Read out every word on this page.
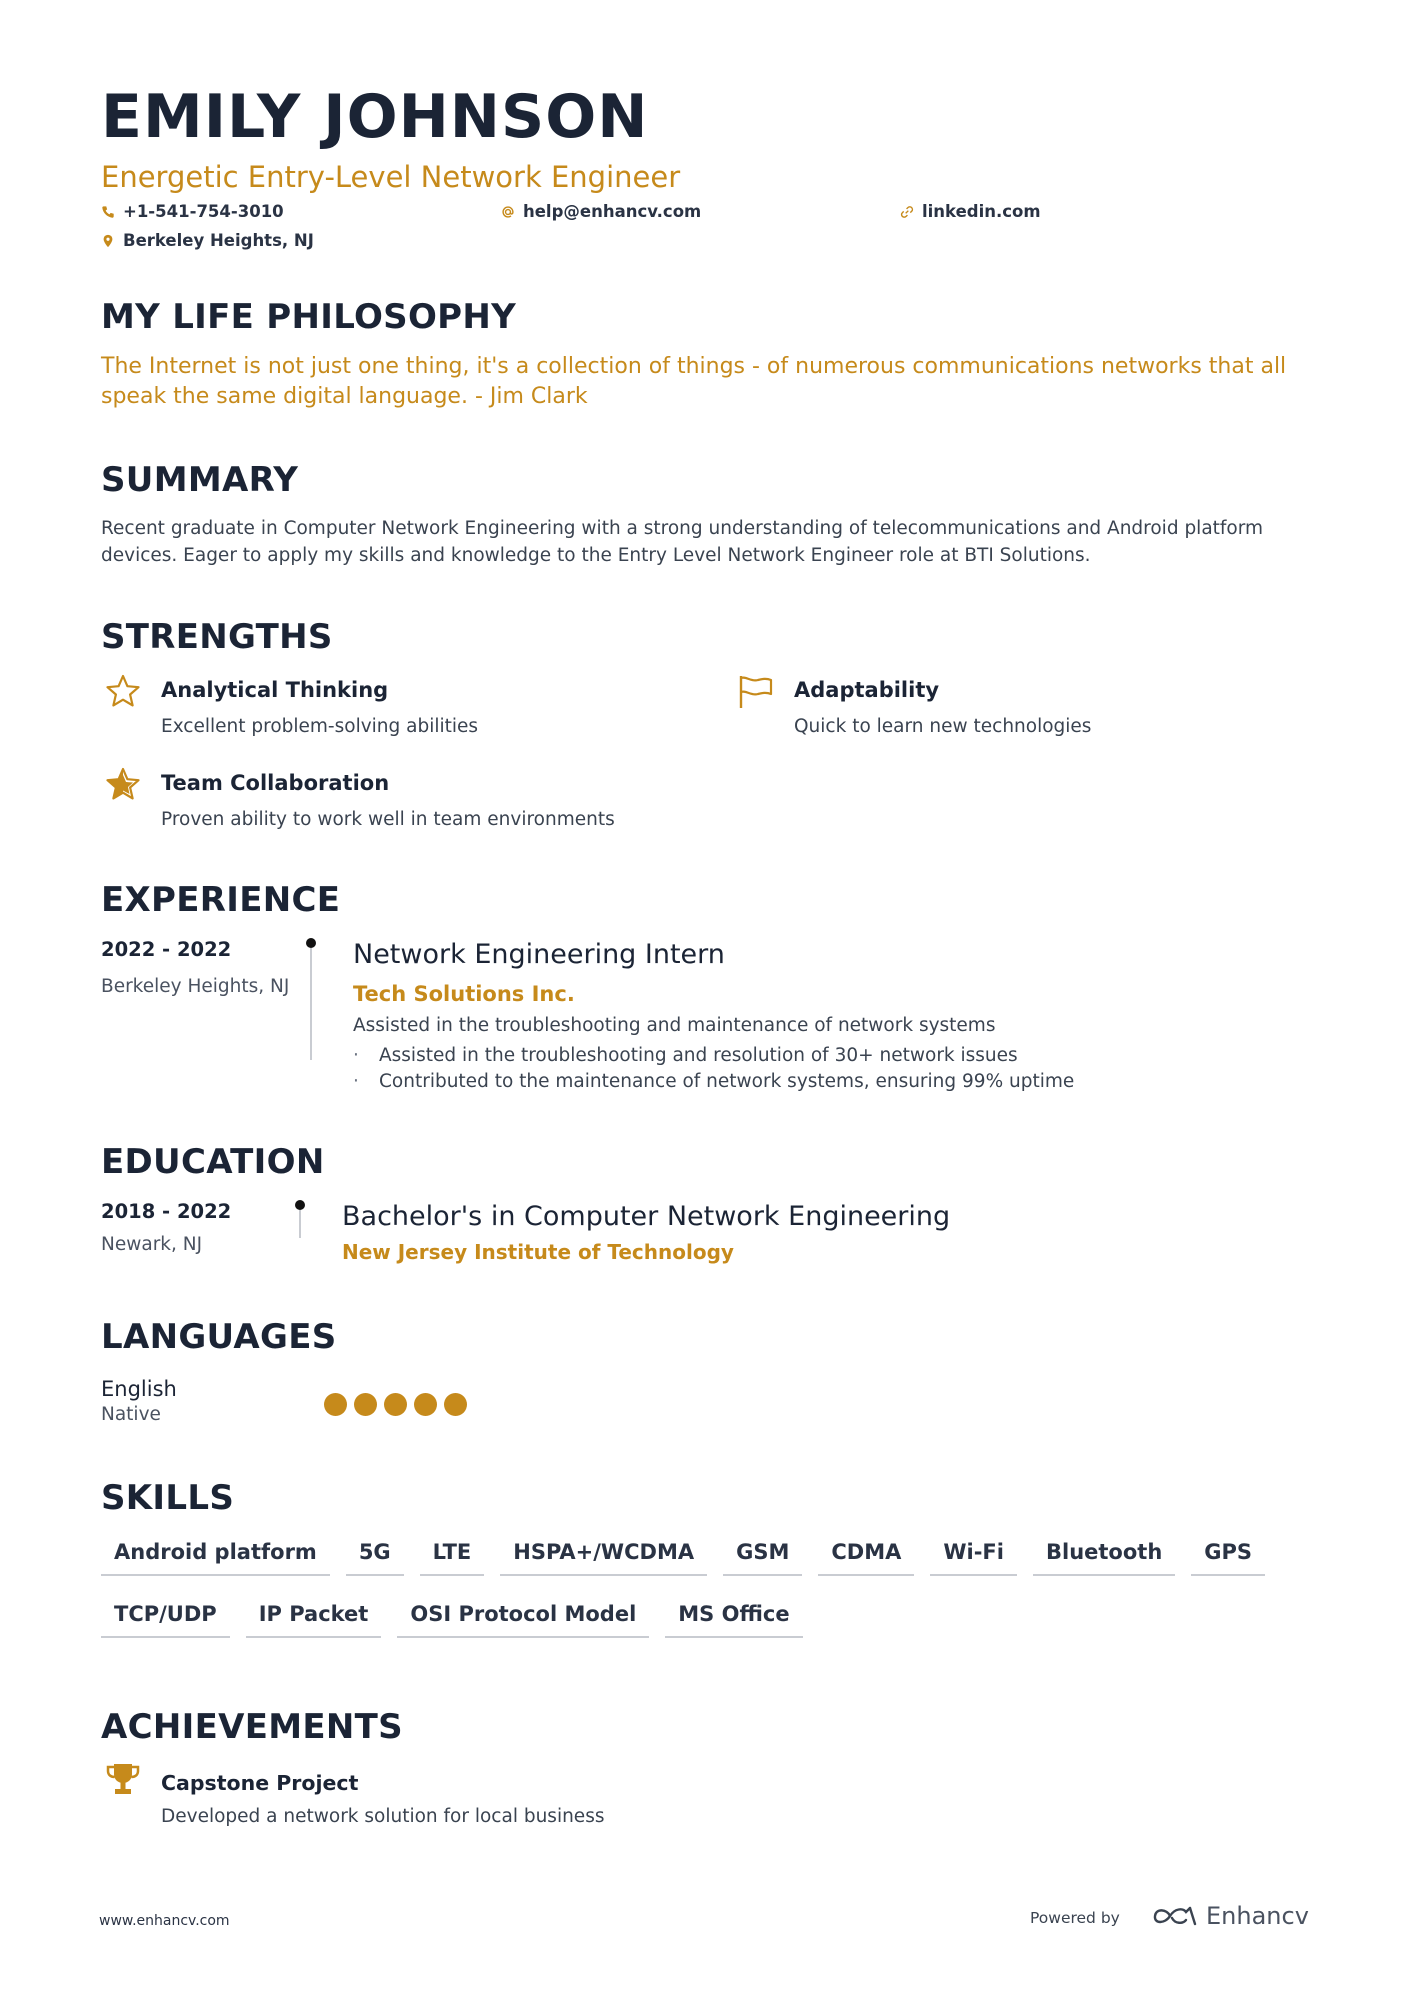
EMILY JOHNSON
Energetic Entry-Level Network Engineer
+1-541-754-3010	help@enhancv.com	linkedin.com
Berkeley Heights, NJ
MY LIFE PHILOSOPHY
The Internet is not just one thing, it's a collection of things - of numerous communications networks that all speak the same digital language. - Jim Clark
SUMMARY
Recent graduate in Computer Network Engineering with a strong understanding of telecommunications and Android platform devices. Eager to apply my skills and knowledge to the Entry Level Network Engineer role at BTI Solutions.
STRENGTHS
Analytical Thinking
Excellent problem-solving abilities
Adaptability
Quick to learn new technologies
Team Collaboration
Proven ability to work well in team environments
EXPERIENCE
2022 - 2022
Berkeley Heights, NJ
Network Engineering Intern
Tech Solutions Inc.
Assisted in the troubleshooting and maintenance of network systems
· Assisted in the troubleshooting and resolution of 30+ network issues
· Contributed to the maintenance of network systems, ensuring 99% uptime
EDUCATION
2018 - 2022
Newark, NJ
Bachelor's in Computer Network Engineering
New Jersey Institute of Technology
LANGUAGES
English
Native
SKILLS
Android platform	5G	LTE	HSPA+/WCDMA	GSM	CDMA	Wi-Fi	Bluetooth	GPS
TCP/UDP	IP Packet	OSI Protocol Model	MS Office
ACHIEVEMENTS
Capstone Project
Developed a network solution for local business
www.enhancv.com	Powered by	Enhancv
